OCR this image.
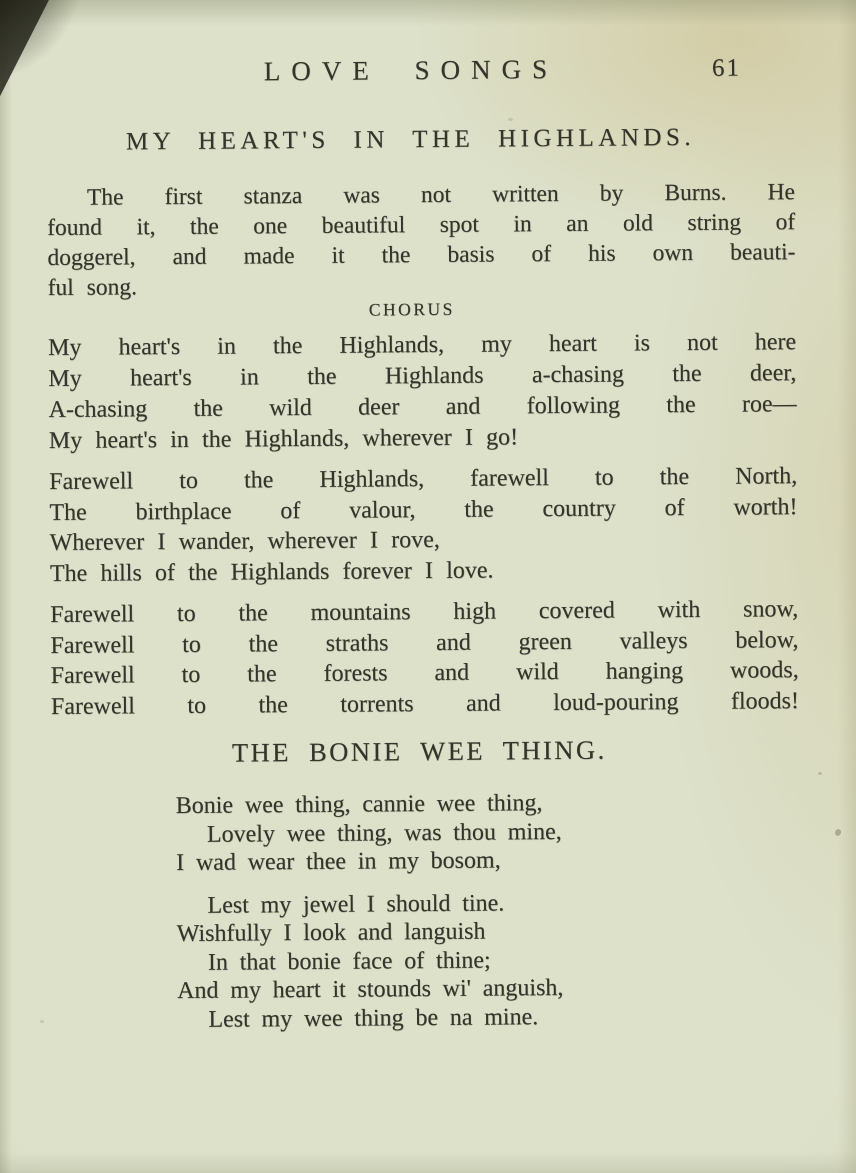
LOVE SONGS	61
MY HEART'S IN THE HIGHLANDS.
The first stanza was not written by Burns. He
found it, the one beautiful spot in an old string of
doggerel, and made it the basis of his own beauti-
ful song.
CHORUS
My heart's in the Highlands, my heart is not here
My heart's in the Highlands a-chasing the deer,
A-chasing the wild deer and following the roe—
My heart's in the Highlands, wherever I go!
Farewell to the Highlands, farewell to the North,
The birthplace of valour, the country of worth!
Wherever I wander, wherever I rove,
The hills of the Highlands forever I love.
Farewell to the mountains high covered with snow,
Farewell to the straths and green valleys below,
Farewell to the forests and wild hanging woods,
Farewell to the torrents and loud-pouring floods!
THE BONIE WEE THING.
Bonie wee thing, cannie wee thing,
Lovely wee thing, was thou mine,
I wad wear thee in my bosom,
Lest my jewel I should tine.
Wishfully I look and languish
In that bonie face of thine;
And my heart it stounds wi' anguish,
Lest my wee thing be na mine.
